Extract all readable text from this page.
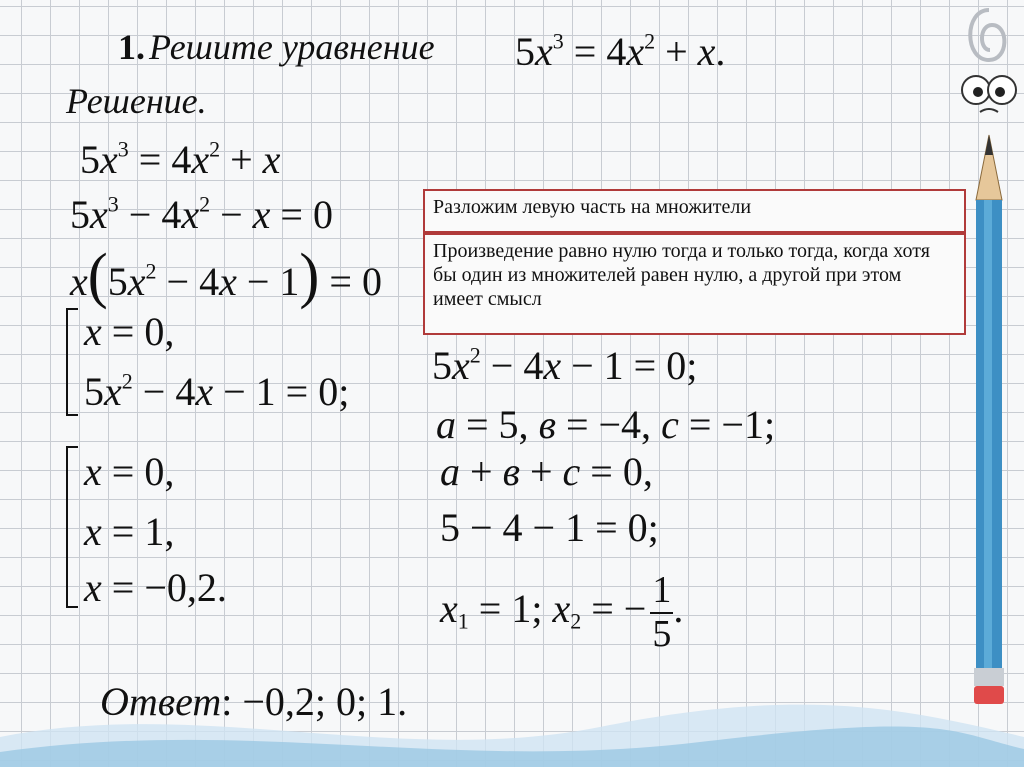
1. Решите уравнение $5x^3 = 4x^2 + x$.
Решение.
$5x^3 = 4x^2 + x$
$5x^3 - 4x^2 - x = 0$
$x(5x^2 - 4x - 1) = 0$
x = 0,
$5x^2 - 4x - 1 = 0$;
x = 0,
x = 1,
x = −0,2.
Разложим левую часть на множители
Произведение равно нулю тогда и только тогда, когда хотя бы один из множителей равен нулю, а другой при этом имеет смысл
$5x^2 - 4x - 1 = 0$;
a = 5, в = −4, c = −1;
a + в + c = 0,
5 − 4 − 1 = 0;
$x_1 = 1$; $x_2$ = − $\frac{1}{5}$ .
Ответ: −0,2; 0; 1.
